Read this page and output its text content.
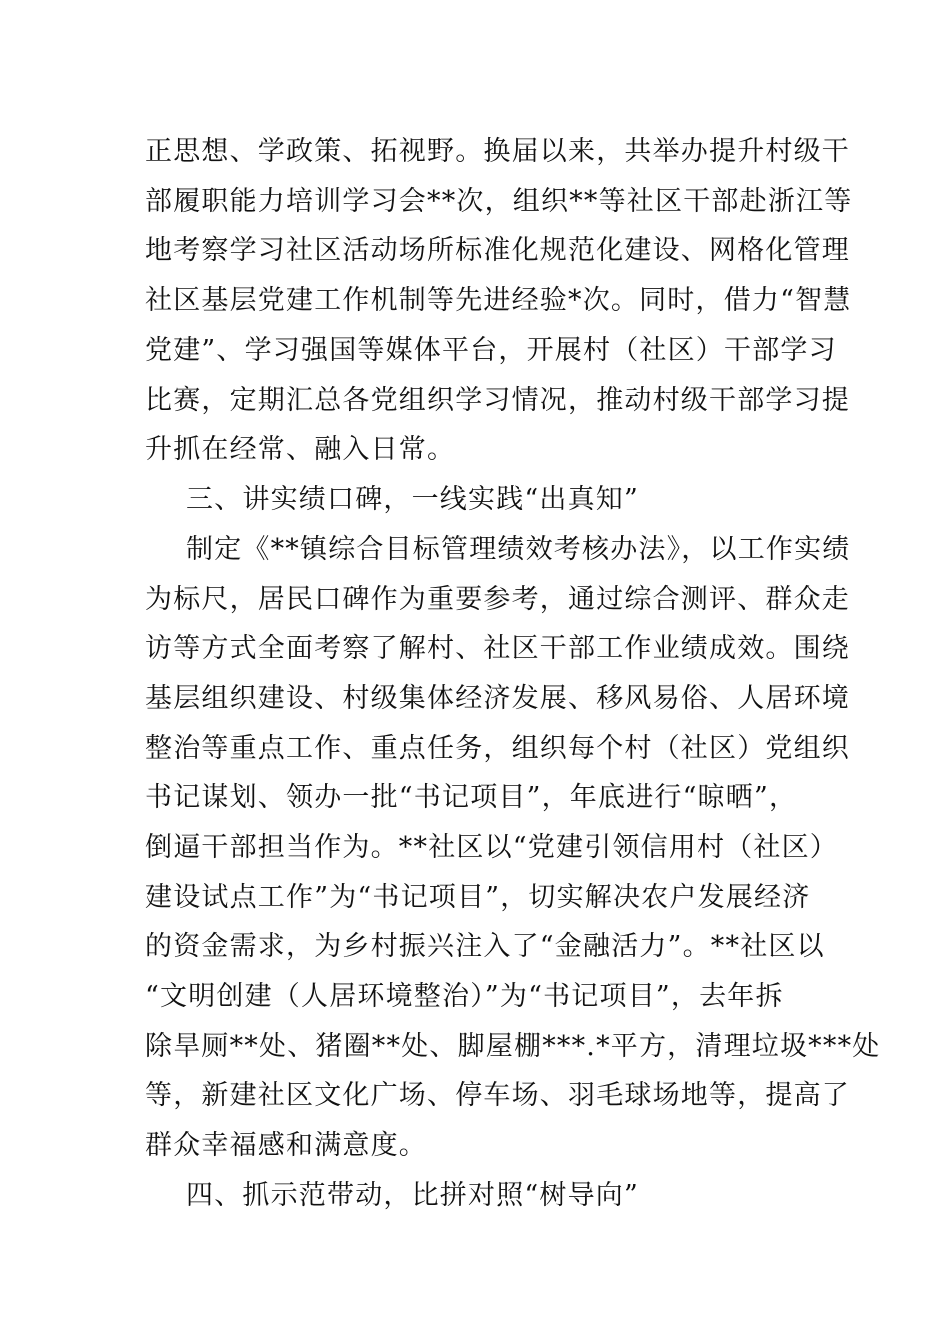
正思想、学政策、拓视野。换届以来，共举办提升村级干
部履职能力培训学习会**次，组织**等社区干部赴浙江等
地考察学习社区活动场所标准化规范化建设、网格化管理
社区基层党建工作机制等先进经验*次。同时，借力“智慧
党建”、学习强国等媒体平台，开展村（社区）干部学习
比赛，定期汇总各党组织学习情况，推动村级干部学习提
升抓在经常、融入日常。
三、讲实绩口碑，一线实践“出真知”
制定《**镇综合目标管理绩效考核办法》，以工作实绩
为标尺，居民口碑作为重要参考，通过综合测评、群众走
访等方式全面考察了解村、社区干部工作业绩成效。围绕
基层组织建设、村级集体经济发展、移风易俗、人居环境
整治等重点工作、重点任务，组织每个村（社区）党组织
书记谋划、领办一批“书记项目”，年底进行“晾晒”，
倒逼干部担当作为。**社区以“党建引领信用村（社区）
建设试点工作”为“书记项目”，切实解决农户发展经济
的资金需求，为乡村振兴注入了“金融活力”。**社区以
“文明创建（人居环境整治）”为“书记项目”，去年拆
除旱厕**处、猪圈**处、脚屋棚***.*平方，清理垃圾***处
等，新建社区文化广场、停车场、羽毛球场地等，提高了
群众幸福感和满意度。
四、抓示范带动，比拼对照“树导向”
